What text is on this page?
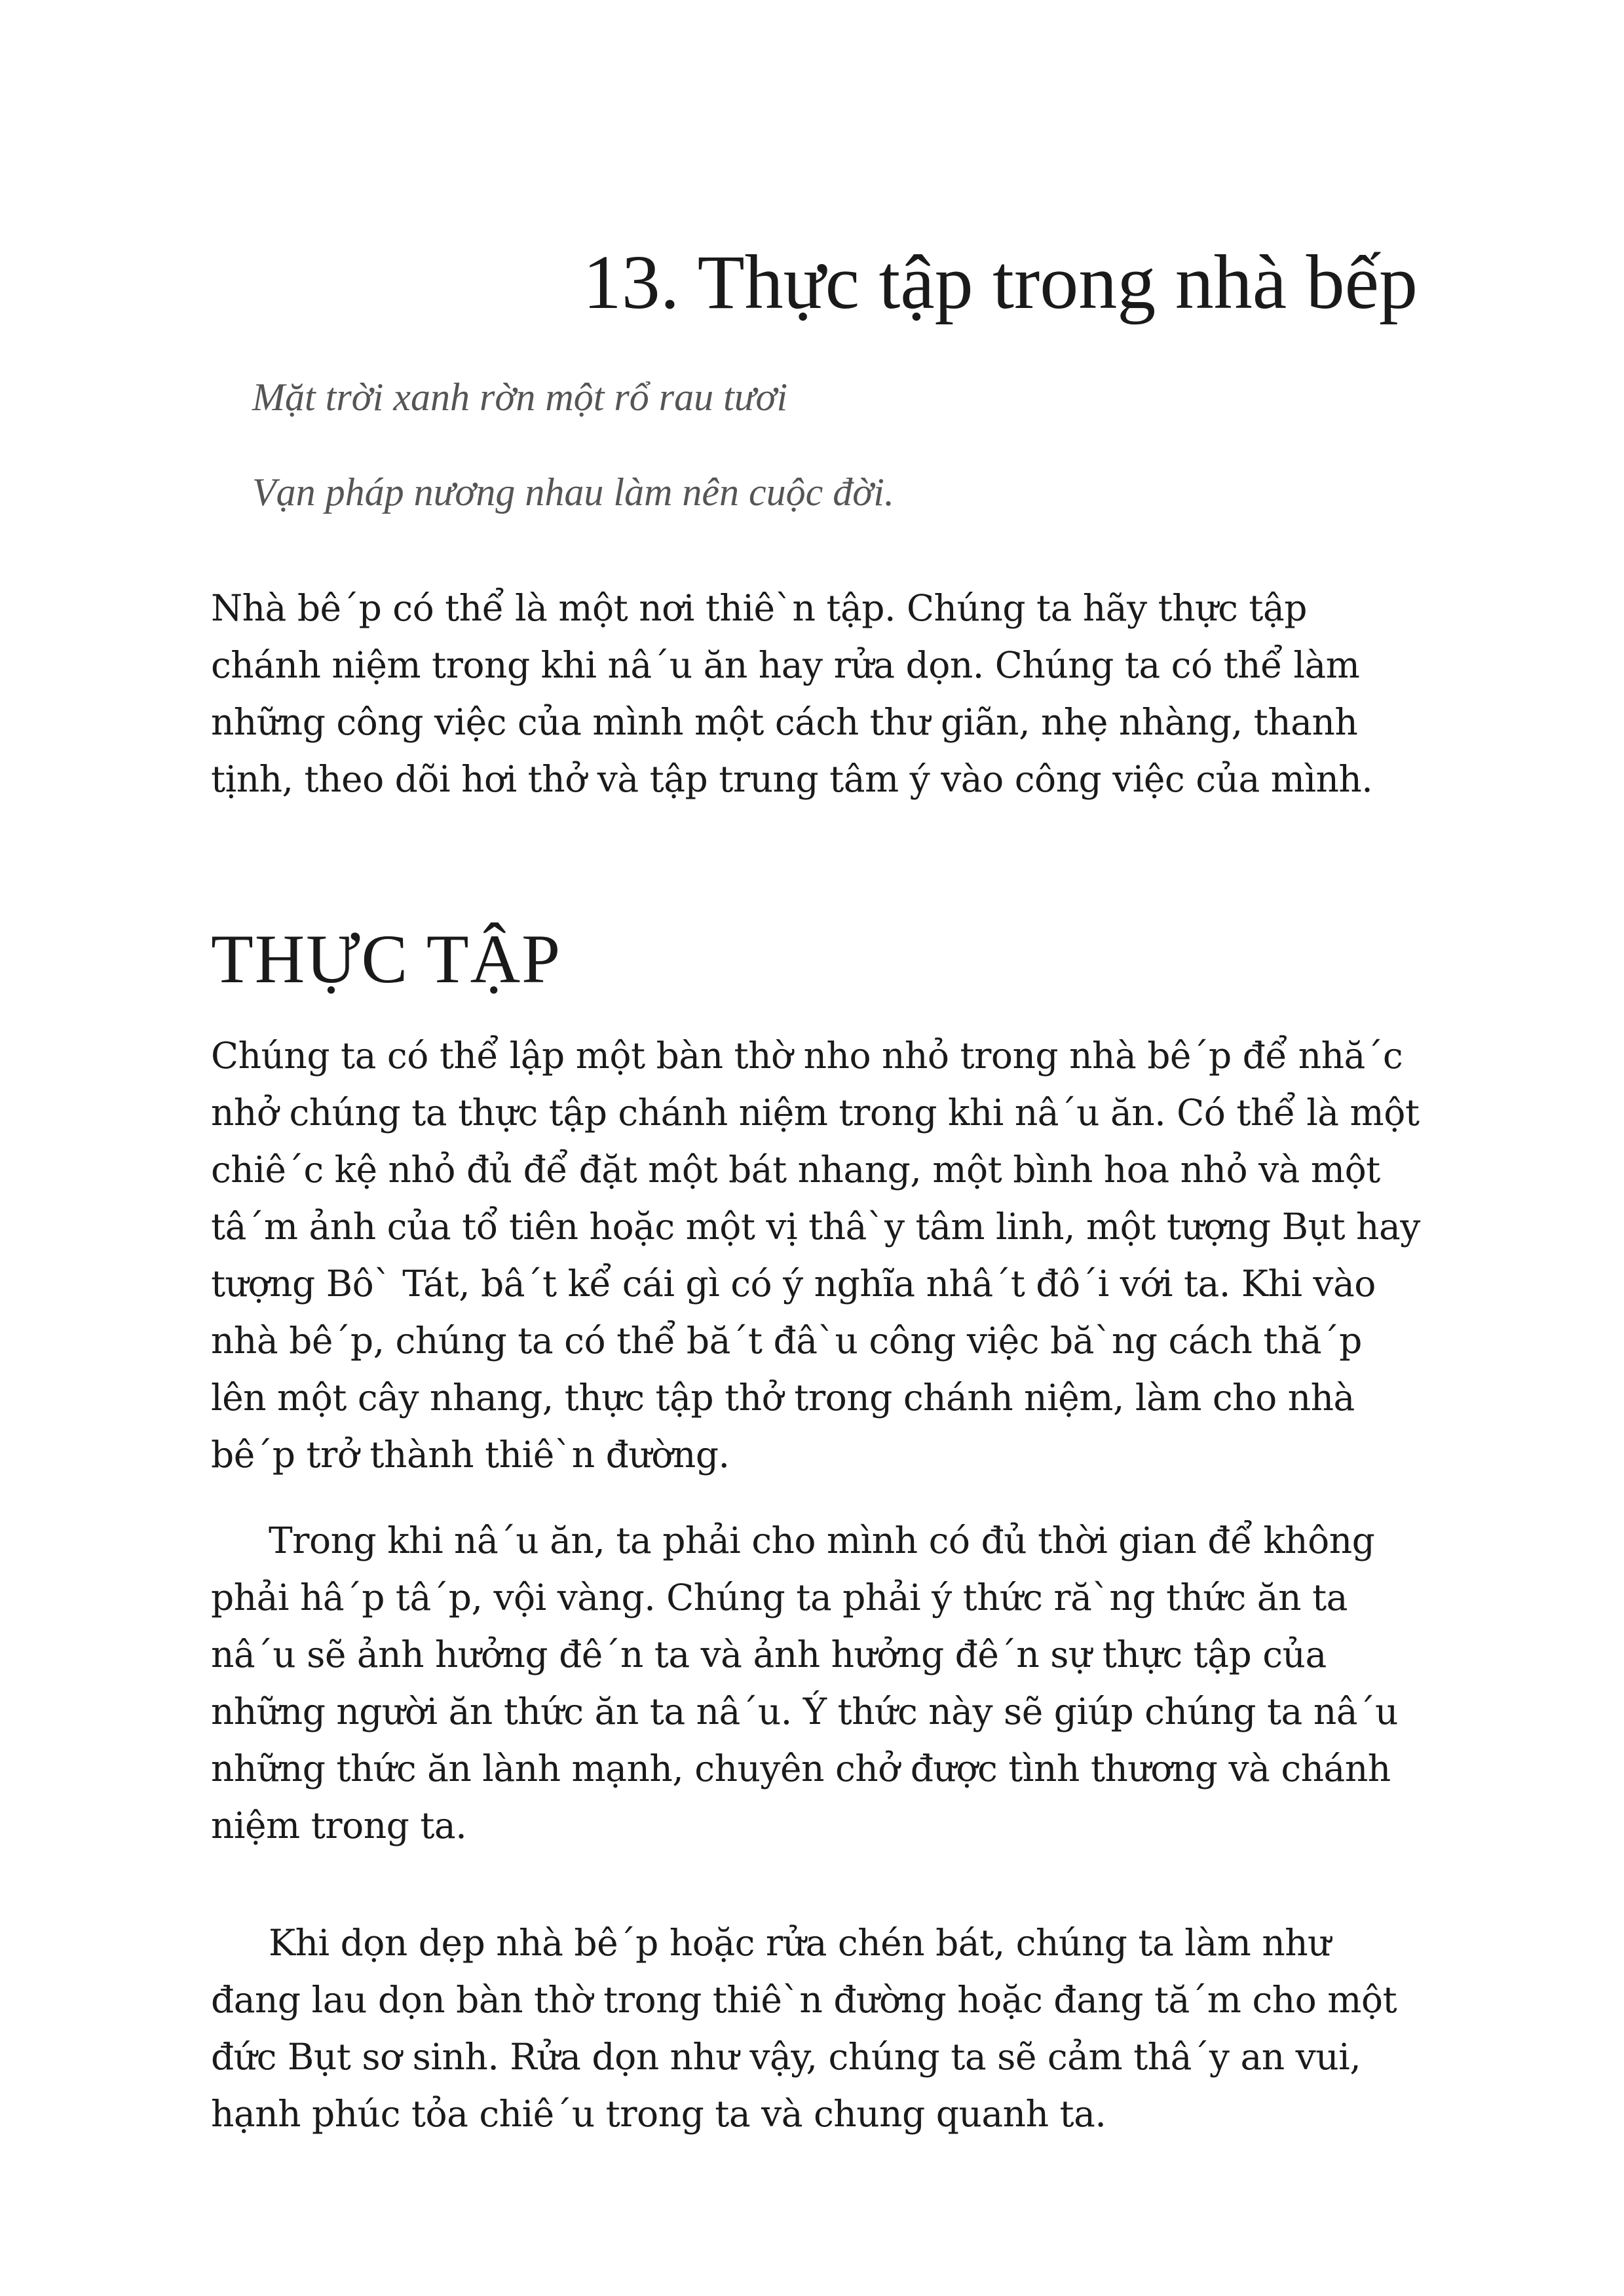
13. Thực tập trong nhà bếp

Mặt trời xanh rờn một rổ rau tươi

Vạn pháp nương nhau làm nên cuộc đời.

Nhà bê´p có thể là một nơi thiê`n tập. Chúng ta hãy thực tập
chánh niệm trong khi nâ´u ăn hay rửa dọn. Chúng ta có thể làm
những công việc của mình một cách thư giãn, nhẹ nhàng, thanh
tịnh, theo dõi hơi thở và tập trung tâm ý vào công việc của mình.

THỰC TẬP

Chúng ta có thể lập một bàn thờ nho nhỏ trong nhà bê´p để nhă´c
nhở chúng ta thực tập chánh niệm trong khi nâ´u ăn. Có thể là một
chiê´c kệ nhỏ đủ để đặt một bát nhang, một bình hoa nhỏ và một
tâ´m ảnh của tổ tiên hoặc một vị thâ`y tâm linh, một tượng Bụt hay
tượng Bô` Tát, bâ´t kể cái gì có ý nghĩa nhâ´t đô´i với ta. Khi vào
nhà bê´p, chúng ta có thể bă´t đâ`u công việc bă`ng cách thă´p
lên một cây nhang, thực tập thở trong chánh niệm, làm cho nhà
bê´p trở thành thiê`n đường.

Trong khi nâ´u ăn, ta phải cho mình có đủ thời gian để không
phải hâ´p tâ´p, vội vàng. Chúng ta phải ý thức ră`ng thức ăn ta
nâ´u sẽ ảnh hưởng đê´n ta và ảnh hưởng đê´n sự thực tập của
những người ăn thức ăn ta nâ´u. Ý thức này sẽ giúp chúng ta nâ´u
những thức ăn lành mạnh, chuyên chở được tình thương và chánh
niệm trong ta.

Khi dọn dẹp nhà bê´p hoặc rửa chén bát, chúng ta làm như
đang lau dọn bàn thờ trong thiê`n đường hoặc đang tă´m cho một
đức Bụt sơ sinh. Rửa dọn như vậy, chúng ta sẽ cảm thâ´y an vui,
hạnh phúc tỏa chiê´u trong ta và chung quanh ta.
